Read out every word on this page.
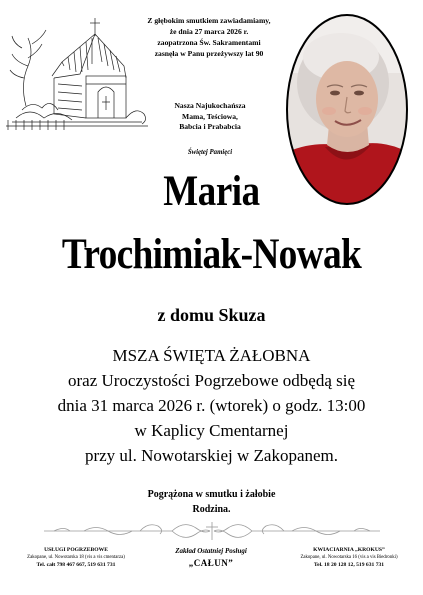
Z głębokim smutkiem zawiadamiamy,
że dnia 27 marca 2026 r.
zaopatrzona Św. Sakramentami
zasnęła w Panu przeżywszy lat 90
Nasza Najukochańsza
Mama, Teściowa,
Babcia i Prababcia
Świętej Pamięci
Maria
Trochimiak-Nowak
z domu Skuza
MSZA ŚWIĘTA ŻAŁOBNA
oraz Uroczystości Pogrzebowe odbędą się
dnia 31 marca 2026 r. (wtorek) o godz. 13:00
w Kaplicy Cmentarnej
przy ul. Nowotarskiej w Zakopanem.
Pogrążona w smutku i żałobie
Rodzina.
USŁUGI POGRZEBOWE
Zakopane, ul. Nowotarska 18 (vis a vis cmentarza)
Tel. całt 798 467 667, 519 631 731
Zakład Ostatniej Posługi
„CAŁUN”
KWIACIARNIA „KROKUS”
Zakopane, ul. Nowotarska 16 (vis a vis Biedronki)
Tel. 18 20 128 12, 519 631 731
